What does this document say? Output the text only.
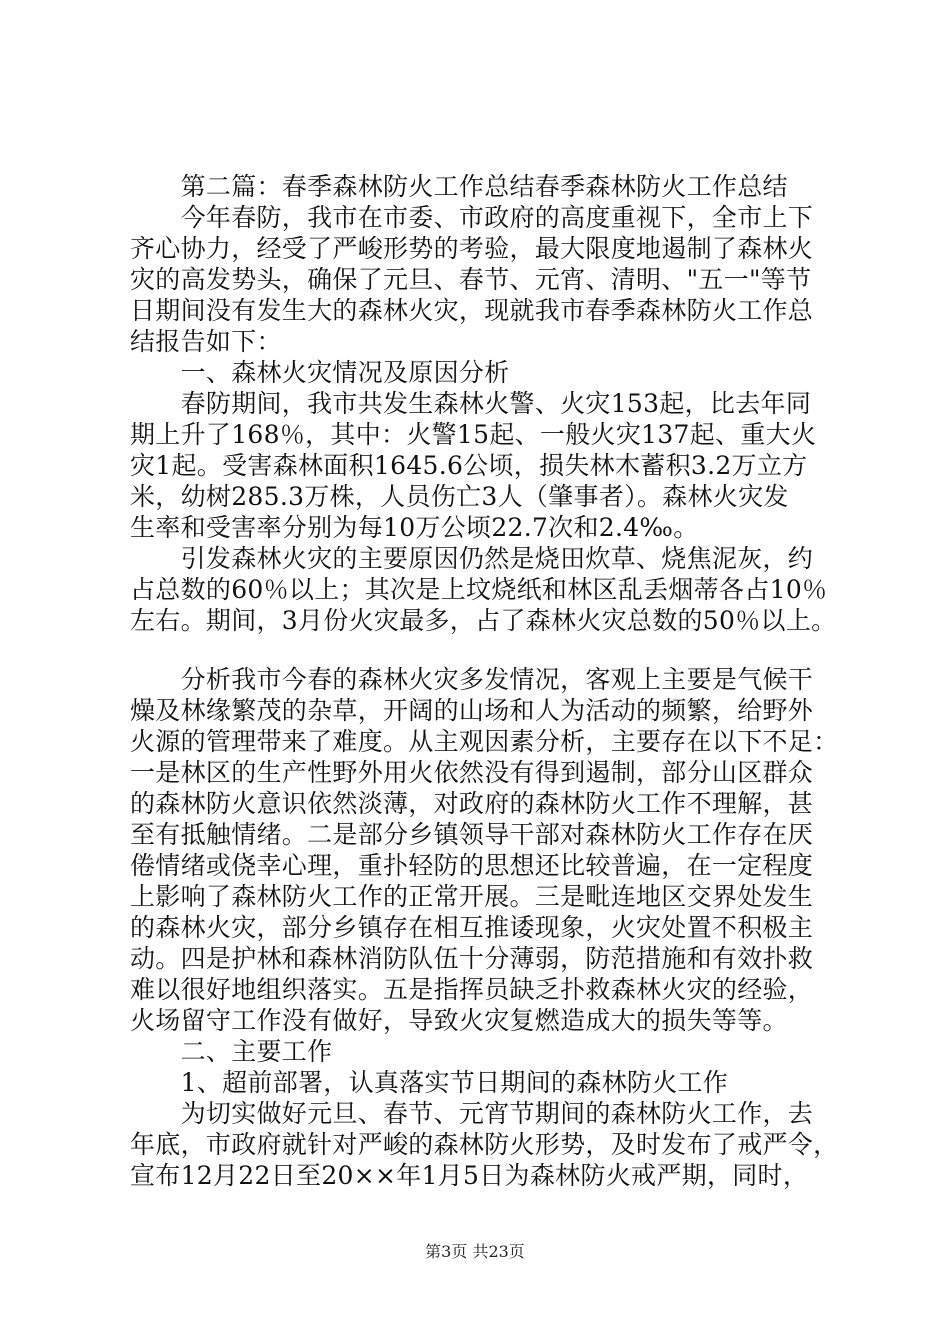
　　第二篇：春季森林防火工作总结春季森林防火工作总结

　　今年春防，我市在市委、市政府的高度重视下，全市上下

齐心协力，经受了严峻形势的考验，最大限度地遏制了森林火

灾的高发势头，确保了元旦、春节、元宵、清明、"五一"等节

日期间没有发生大的森林火灾，现就我市春季森林防火工作总

结报告如下：

　　一、森林火灾情况及原因分析

　　春防期间，我市共发生森林火警、火灾153起，比去年同

期上升了168％，其中：火警15起、一般火灾137起、重大火

灾1起。受害森林面积1645.6公顷，损失林木蓄积3.2万立方

米，幼树285.3万株，人员伤亡3人（肇事者）。森林火灾发

生率和受害率分别为每10万公顷22.7次和2.4‰。

　　引发森林火灾的主要原因仍然是烧田炊草、烧焦泥灰，约

占总数的60％以上；其次是上坟烧纸和林区乱丢烟蒂各占10％

左右。期间，3月份火灾最多，占了森林火灾总数的50％以上。

　　分析我市今春的森林火灾多发情况，客观上主要是气候干

燥及林缘繁茂的杂草，开阔的山场和人为活动的频繁，给野外

火源的管理带来了难度。从主观因素分析，主要存在以下不足：

一是林区的生产性野外用火依然没有得到遏制，部分山区群众

的森林防火意识依然淡薄，对政府的森林防火工作不理解，甚

至有抵触情绪。二是部分乡镇领导干部对森林防火工作存在厌

倦情绪或侥幸心理，重扑轻防的思想还比较普遍，在一定程度

上影响了森林防火工作的正常开展。三是毗连地区交界处发生

的森林火灾，部分乡镇存在相互推诿现象，火灾处置不积极主

动。四是护林和森林消防队伍十分薄弱，防范措施和有效扑救

难以很好地组织落实。五是指挥员缺乏扑救森林火灾的经验，

火场留守工作没有做好，导致火灾复燃造成大的损失等等。

　　二、主要工作

　　1、超前部署，认真落实节日期间的森林防火工作

　　为切实做好元旦、春节、元宵节期间的森林防火工作，去

年底，市政府就针对严峻的森林防火形势，及时发布了戒严令，

宣布12月22日至20××年1月5日为森林防火戒严期，同时，

第3页 共23页
